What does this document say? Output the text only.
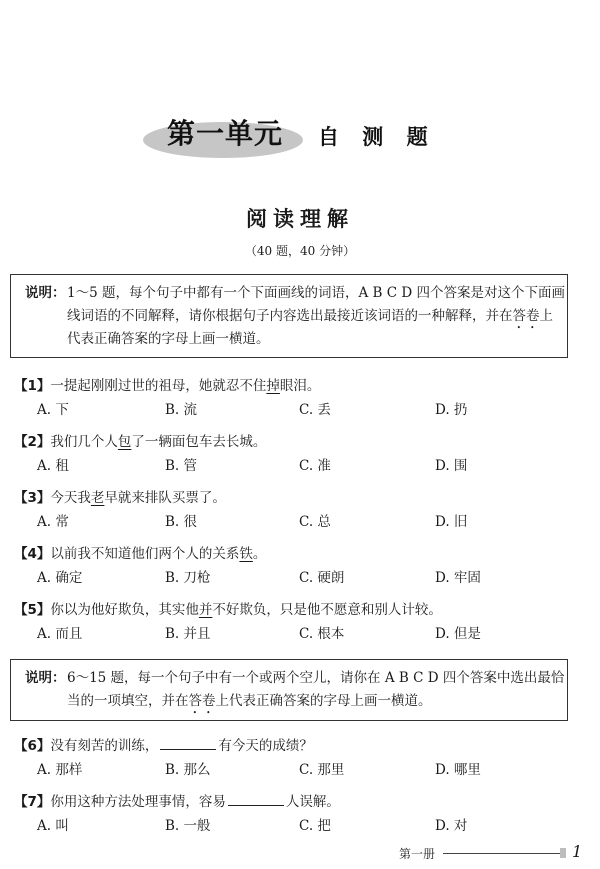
第一单元	自 测 题
阅读理解
（40 题，40 分钟）
说明： 1～5 题，每个句子中都有一个下面画线的词语，A B C D 四个答案是对这个下面画
线词语的不同解释，请你根据句子内容选出最接近该词语的一种解释，并在答卷上
代表正确答案的字母上画一横道。
【1】一提起刚刚过世的祖母，她就忍不住掉眼泪。
A. 下	B. 流	C. 丢	D. 扔
【2】我们几个人包了一辆面包车去长城。
A. 租	B. 管	C. 准	D. 围
【3】今天我老早就来排队买票了。
A. 常	B. 很	C. 总	D. 旧
【4】以前我不知道他们两个人的关系铁。
A. 确定	B. 刀枪	C. 硬朗	D. 牢固
【5】你以为他好欺负，其实他并不好欺负，只是他不愿意和别人计较。
A. 而且	B. 并且	C. 根本	D. 但是
说明： 6～15 题，每一个句子中有一个或两个空儿，请你在 A B C D 四个答案中选出最恰
当的一项填空，并在答卷上代表正确答案的字母上画一横道。
【6】没有刻苦的训练，	有今天的成绩？
A. 那样	B. 那么	C. 那里	D. 哪里
【7】你用这种方法处理事情，容易	人误解。
A. 叫	B. 一般	C. 把	D. 对
第一册	1
